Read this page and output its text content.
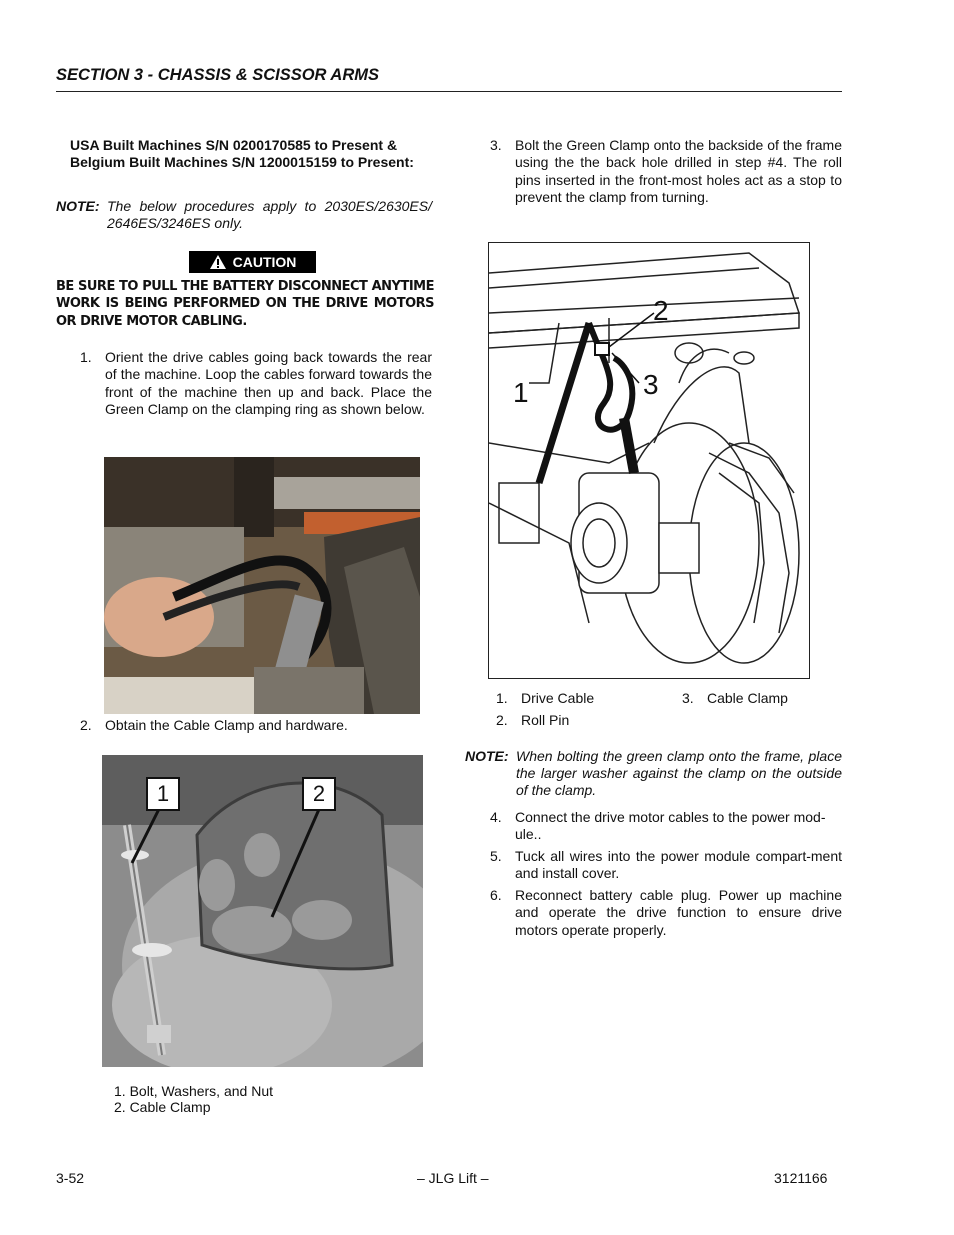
SECTION 3 - CHASSIS & SCISSOR ARMS
USA Built Machines S/N 0200170585 to Present &
Belgium Built Machines S/N 1200015159 to Present:
NOTE: The below procedures apply to 2030ES/2630ES/ 2646ES/3246ES only.
CAUTION
BE SURE TO PULL THE BATTERY DISCONNECT ANYTIME WORK IS BEING PERFORMED ON THE DRIVE MOTORS OR DRIVE MOTOR CABLING.
1. Orient the drive cables going back towards the rear of the machine. Loop the cables forward towards the front of the machine then up and back. Place the Green Clamp on the clamping ring as shown below.
2. Obtain the Cable Clamp and hardware.
1	2
1. Bolt, Washers, and Nut
2. Cable Clamp
3. Bolt the Green Clamp onto the backside of the frame using the the back hole drilled in step #4. The roll pins inserted in the front-most holes act as a stop to prevent the clamp from turning.
2
3
1
1. Drive Cable	3. Cable Clamp
2. Roll Pin
NOTE: When bolting the green clamp onto the frame, place the larger washer against the clamp on the outside of the clamp.
4. Connect the drive motor cables to the power mod-ule..
5. Tuck all wires into the power module compart-ment and install cover.
6. Reconnect battery cable plug. Power up machine and operate the drive function to ensure drive motors operate properly.
3-52	– JLG Lift –	3121166
